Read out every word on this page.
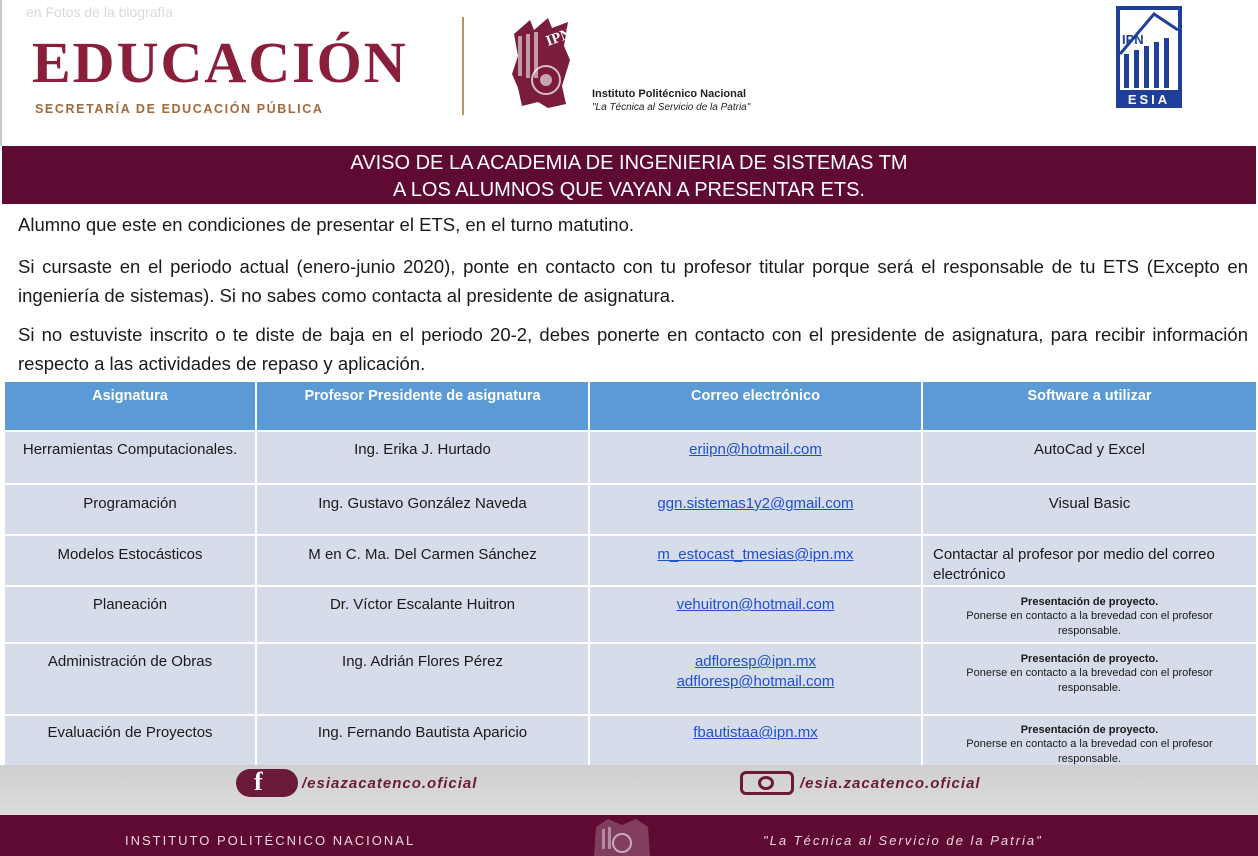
en Fotos de la biografía
EDUCACIÓN
SECRETARÍA DE EDUCACIÓN PÚBLICA
IPN
Instituto Politécnico Nacional
"La Técnica al Servicio de la Patria"
IPN
ESIA
AVISO DE LA ACADEMIA DE INGENIERIA DE SISTEMAS TM
A LOS ALUMNOS QUE VAYAN A PRESENTAR ETS.

Alumno que este en condiciones de presentar el ETS, en el turno matutino.

Si cursaste en el periodo actual (enero-junio 2020), ponte en contacto con tu profesor titular porque será el responsable de tu ETS (Excepto en ingeniería de sistemas). Si no sabes como contacta al presidente de asignatura.

Si no estuviste inscrito o te diste de baja en el periodo 20-2, debes ponerte en contacto con el presidente de asignatura, para recibir información respecto a las actividades de repaso y aplicación.

Asignatura	Profesor Presidente de asignatura	Correo electrónico	Software a utilizar
Herramientas Computacionales.	Ing. Erika J. Hurtado	eriipn@hotmail.com	AutoCad y Excel
Programación	Ing. Gustavo González Naveda	ggn.sistemas1y2@gmail.com	Visual Basic
Modelos Estocásticos	M en C. Ma. Del Carmen Sánchez	m_estocast_tmesias@ipn.mx	Contactar al profesor por medio del correo electrónico
Planeación	Dr. Víctor Escalante Huitron	vehuitron@hotmail.com	Presentación de proyecto.
Ponerse en contacto a la brevedad con el profesor responsable.

Administración de Obras	Ing. Adrián Flores Pérez	adfloresp@ipn.mx
adfloresp@hotmail.com	Presentación de proyecto.
Ponerse en contacto a la brevedad con el profesor responsable.

Evaluación de Proyectos	Ing. Fernando Bautista Aparicio	fbautistaa@ipn.mx	Presentación de proyecto.
Ponerse en contacto a la brevedad con el profesor responsable.
f	/esiazacatenco.oficial	/esia.zacatenco.oficial
INSTITUTO POLITÉCNICO NACIONAL	"La Técnica al Servicio de la Patria"
